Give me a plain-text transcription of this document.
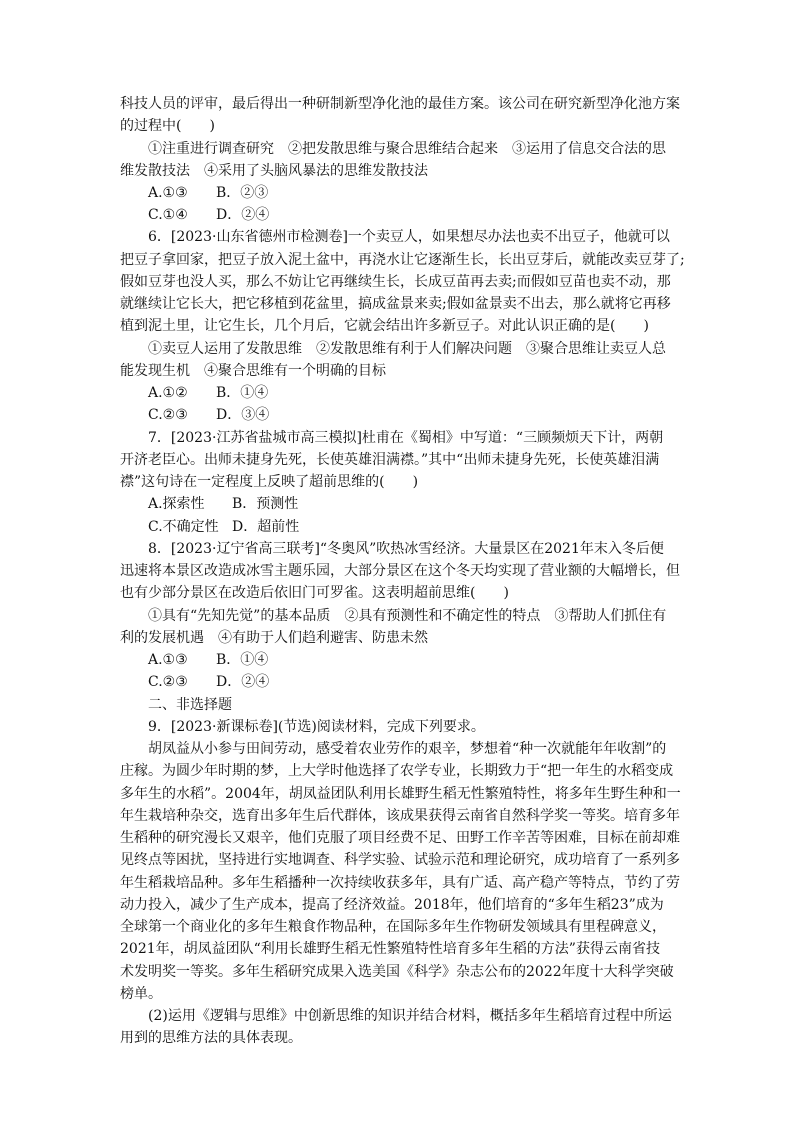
科技人员的评审，最后得出一种研制新型净化池的最佳方案。该公司在研究新型净化池方案
的过程中(　　)
①注重进行调查研究　②把发散思维与聚合思维结合起来　③运用了信息交合法的思
维发散技法　④采用了头脑风暴法的思维发散技法
A.①③ B．②③
C.①④ D．②④
6．[2023·山东省德州市检测卷]一个卖豆人，如果想尽办法也卖不出豆子，他就可以
把豆子拿回家，把豆子放入泥土盆中，再浇水让它逐渐生长，长出豆芽后，就能改卖豆芽了;
假如豆芽也没人买，那么不妨让它再继续生长，长成豆苗再去卖;而假如豆苗也卖不动，那
就继续让它长大，把它移植到花盆里，搞成盆景来卖;假如盆景卖不出去，那么就将它再移
植到泥土里，让它生长，几个月后，它就会结出许多新豆子。对此认识正确的是(　　)
①卖豆人运用了发散思维　②发散思维有利于人们解决问题　③聚合思维让卖豆人总
能发现生机　④聚合思维有一个明确的目标
A.①② B．①④
C.②③ D．③④
7．[2023·江苏省盐城市高三模拟]杜甫在《蜀相》中写道：“三顾频烦天下计，两朝
开济老臣心。出师未捷身先死，长使英雄泪满襟。”其中“出师未捷身先死，长使英雄泪满
襟”这句诗在一定程度上反映了超前思维的(　　)
A.探索性 B．预测性
C.不确定性 D．超前性
8．[2023·辽宁省高三联考]“冬奥风”吹热冰雪经济。大量景区在2021年末入冬后便
迅速将本景区改造成冰雪主题乐园，大部分景区在这个冬天均实现了营业额的大幅增长，但
也有少部分景区在改造后依旧门可罗雀。这表明超前思维(　　)
①具有“先知先觉”的基本品质　②具有预测性和不确定性的特点　③帮助人们抓住有
利的发展机遇　④有助于人们趋利避害、防患未然
A.①③ B．①④
C.②③ D．②④
二、非选择题
9．[2023·新课标卷](节选)阅读材料，完成下列要求。
胡凤益从小参与田间劳动，感受着农业劳作的艰辛，梦想着“种一次就能年年收割”的
庄稼。为圆少年时期的梦，上大学时他选择了农学专业，长期致力于“把一年生的水稻变成
多年生的水稻”。2004年，胡凤益团队利用长雄野生稻无性繁殖特性，将多年生野生种和一
年生栽培种杂交，选育出多年生后代群体，该成果获得云南省自然科学奖一等奖。培育多年
生稻种的研究漫长又艰辛，他们克服了项目经费不足、田野工作辛苦等困难，目标在前却难
见终点等困扰，坚持进行实地调查、科学实验、试验示范和理论研究，成功培育了一系列多
年生稻栽培品种。多年生稻播种一次持续收获多年，具有广适、高产稳产等特点，节约了劳
动力投入，减少了生产成本，提高了经济效益。2018年，他们培育的“多年生稻23”成为
全球第一个商业化的多年生粮食作物品种，在国际多年生作物研发领域具有里程碑意义，
2021年，胡凤益团队“利用长雄野生稻无性繁殖特性培育多年生稻的方法”获得云南省技
术发明奖一等奖。多年生稻研究成果入选美国《科学》杂志公布的2022年度十大科学突破
榜单。
(2)运用《逻辑与思维》中创新思维的知识并结合材料，概括多年生稻培育过程中所运
用到的思维方法的具体表现。
